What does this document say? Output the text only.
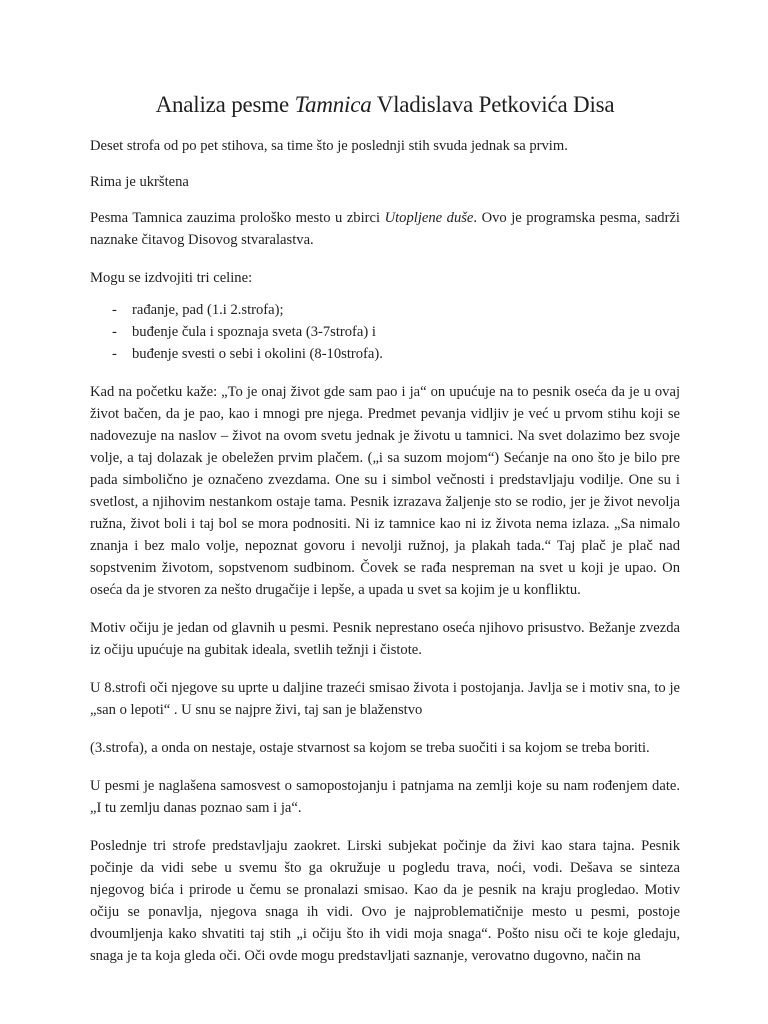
Analiza pesme Tamnica Vladislava Petkovića Disa

Deset strofa od po pet stihova, sa time što je poslednji stih svuda jednak sa prvim.

Rima je ukrštena

Pesma Tamnica zauzima prološko mesto u zbirci Utopljene duše. Ovo je programska pesma, sadrži naznake čitavog Disovog stvaralastva.

Mogu se izdvojiti tri celine:

- rađanje, pad (1.i 2.strofa);
- buđenje čula i spoznaja sveta (3-7strofa) i
- buđenje svesti o sebi i okolini (8-10strofa).

Kad na početku kaže: „To je onaj život gde sam pao i ja“ on upućuje na to pesnik oseća da je u ovaj život bačen, da je pao, kao i mnogi pre njega. Predmet pevanja vidljiv je već u prvom stihu koji se nadovezuje na naslov – život na ovom svetu jednak je životu u tamnici. Na svet dolazimo bez svoje volje, a taj dolazak je obeležen prvim plačem. („i sa suzom mojom“) Sećanje na ono što je bilo pre pada simbolično je označeno zvezdama. One su i simbol večnosti i predstavljaju vodilje. One su i svetlost, a njihovim nestankom ostaje tama. Pesnik izrazava žaljenje sto se rodio, jer je život nevolja ružna, život boli i taj bol se mora podnositi. Ni iz tamnice kao ni iz života nema izlaza. „Sa nimalo znanja i bez malo volje, nepoznat govoru i nevolji ružnoj, ja plakah tada.“ Taj plač je plač nad sopstvenim životom, sopstvenom sudbinom. Čovek se rađa nespreman na svet u koji je upao. On oseća da je stvoren za nešto drugačije i lepše, a upada u svet sa kojim je u konfliktu.

Motiv očiju je jedan od glavnih u pesmi. Pesnik neprestano oseća njihovo prisustvo. Bežanje zvezda iz očiju upućuje na gubitak ideala, svetlih težnji i čistote.

U 8.strofi oči njegove su uprte u daljine trazeći smisao života i postojanja. Javlja se i motiv sna, to je „san o lepoti“ . U snu se najpre živi, taj san je blaženstvo

(3.strofa), a onda on nestaje, ostaje stvarnost sa kojom se treba suočiti i sa kojom se treba boriti.

U pesmi je naglašena samosvest o samopostojanju i patnjama na zemlji koje su nam rođenjem date. „I tu zemlju danas poznao sam i ja“.

Poslednje tri strofe predstavljaju zaokret. Lirski subjekat počinje da živi kao stara tajna. Pesnik počinje da vidi sebe u svemu što ga okružuje u pogledu trava, noći, vodi. Dešava se sinteza njegovog bića i prirode u čemu se pronalazi smisao. Kao da je pesnik na kraju progledao. Motiv očiju se ponavlja, njegova snaga ih vidi. Ovo je najproblematičnije mesto u pesmi, postoje dvoumljenja kako shvatiti taj stih „i očiju što ih vidi moja snaga“. Pošto nisu oči te koje gledaju, snaga je ta koja gleda oči. Oči ovde mogu predstavljati saznanje, verovatno dugovno, način na
